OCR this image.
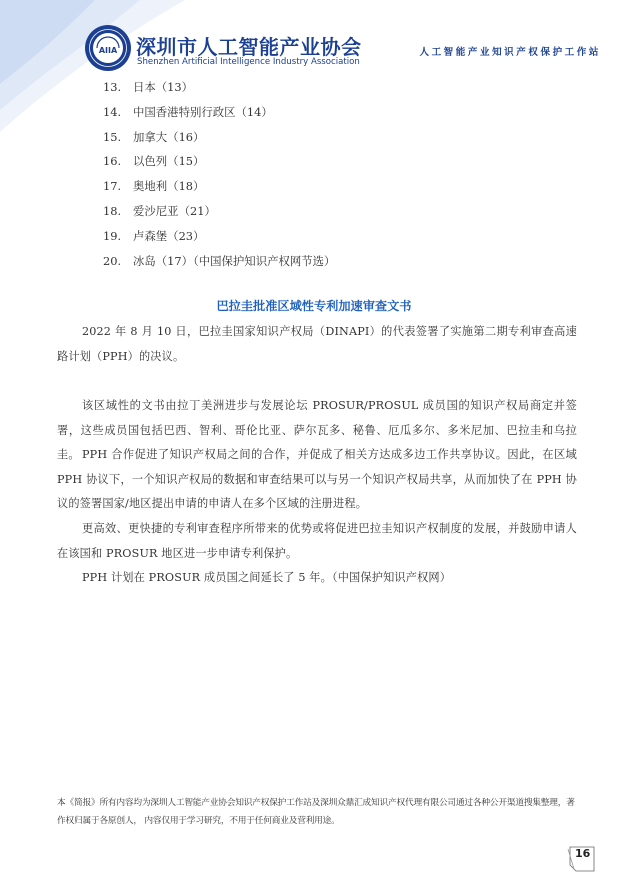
AIIA 深圳市人工智能产业协会
Shenzhen Artificial Intelligence Industry Association
人工智能产业知识产权保护工作站
13. 日本（13）
14. 中国香港特别行政区（14）
15. 加拿大（16）
16. 以色列（15）
17. 奥地利（18）
18. 爱沙尼亚（21）
19. 卢森堡（23）
20. 冰岛（17）（中国保护知识产权网节选）
巴拉圭批准区域性专利加速审查文书

2022 年 8 月 10 日，巴拉圭国家知识产权局（DINAPI）的代表签署了实施第二期专利审查高速路计划（PPH）的决议。

该区域性的文书由拉丁美洲进步与发展论坛 PROSUR/PROSUL 成员国的知识产权局商定并签署，这些成员国包括巴西、智利、哥伦比亚、萨尔瓦多、秘鲁、厄瓜多尔、多米尼加、巴拉圭和乌拉圭。 PPH 合作促进了知识产权局之间的合作，并促成了相关方达成多边工作共享协议。因此，在区域 PPH 协议下，一个知识产权局的数据和审查结果可以与另一个知识产权局共享，从而加快了在 PPH 协议的签署国家/地区提出申请的申请人在多个区域的注册进程。

更高效、更快捷的专利审查程序所带来的优势或将促进巴拉圭知识产权制度的发展，并鼓励申请人在该国和 PROSUR 地区进一步申请专利保护。

PPH 计划在 PROSUR 成员国之间延长了 5 年。（中国保护知识产权网）

本《简报》所有内容均为深圳人工智能产业协会知识产权保护工作站及深圳众鼎汇成知识产权代理有限公司通过各种公开渠道搜集整理，著作权归属于各原创人， 内容仅用于学习研究，不用于任何商业及营利用途。

16
